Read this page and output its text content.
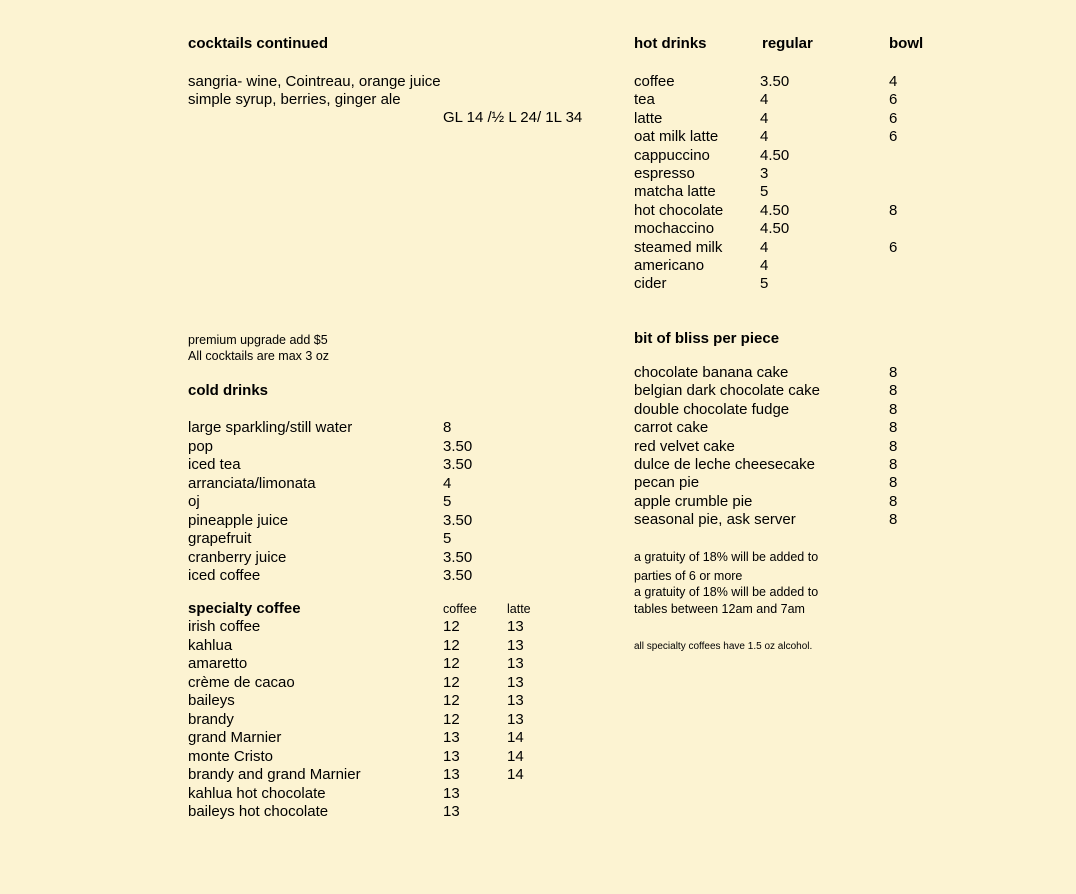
cocktails continued
sangria- wine, Cointreau, orange juice
simple syrup, berries, ginger ale
GL 14 /½ L 24/ 1L 34
premium upgrade add $5
All cocktails are max 3 oz
cold drinks
large sparkling/still water	8
pop	3.50
iced tea	3.50
arranciata/limonata	4
oj	5
pineapple juice	3.50
grapefruit	5
cranberry juice	3.50
iced coffee	3.50
specialty coffee	coffee latte
irish coffee	12	13
kahlua	12	13
amaretto	12	13
crème de cacao	12	13
baileys	12	13
brandy	12	13
grand Marnier	13	14
monte Cristo	13	14
brandy and grand Marnier	13	14
kahlua hot chocolate	13
baileys hot chocolate	13
hot drinks	regular	bowl
coffee	3.50	4
tea	4	6
latte	4	6
oat milk latte	4	6
cappuccino	4.50
espresso	3
matcha latte	5
hot chocolate 4.50	8
mochaccino	4.50
steamed milk	4	6
americano	4
cider	5
bit of bliss per piece
chocolate banana cake	8
belgian dark chocolate cake	8
double chocolate fudge	8
carrot cake	8
red velvet cake	8
dulce de leche cheesecake	8
pecan pie	8
apple crumble pie	8
seasonal pie, ask server	8
a gratuity of 18% will be added to
parties of 6 or more
a gratuity of 18% will be added to
tables between 12am and 7am
all specialty coffees have 1.5 oz alcohol.
